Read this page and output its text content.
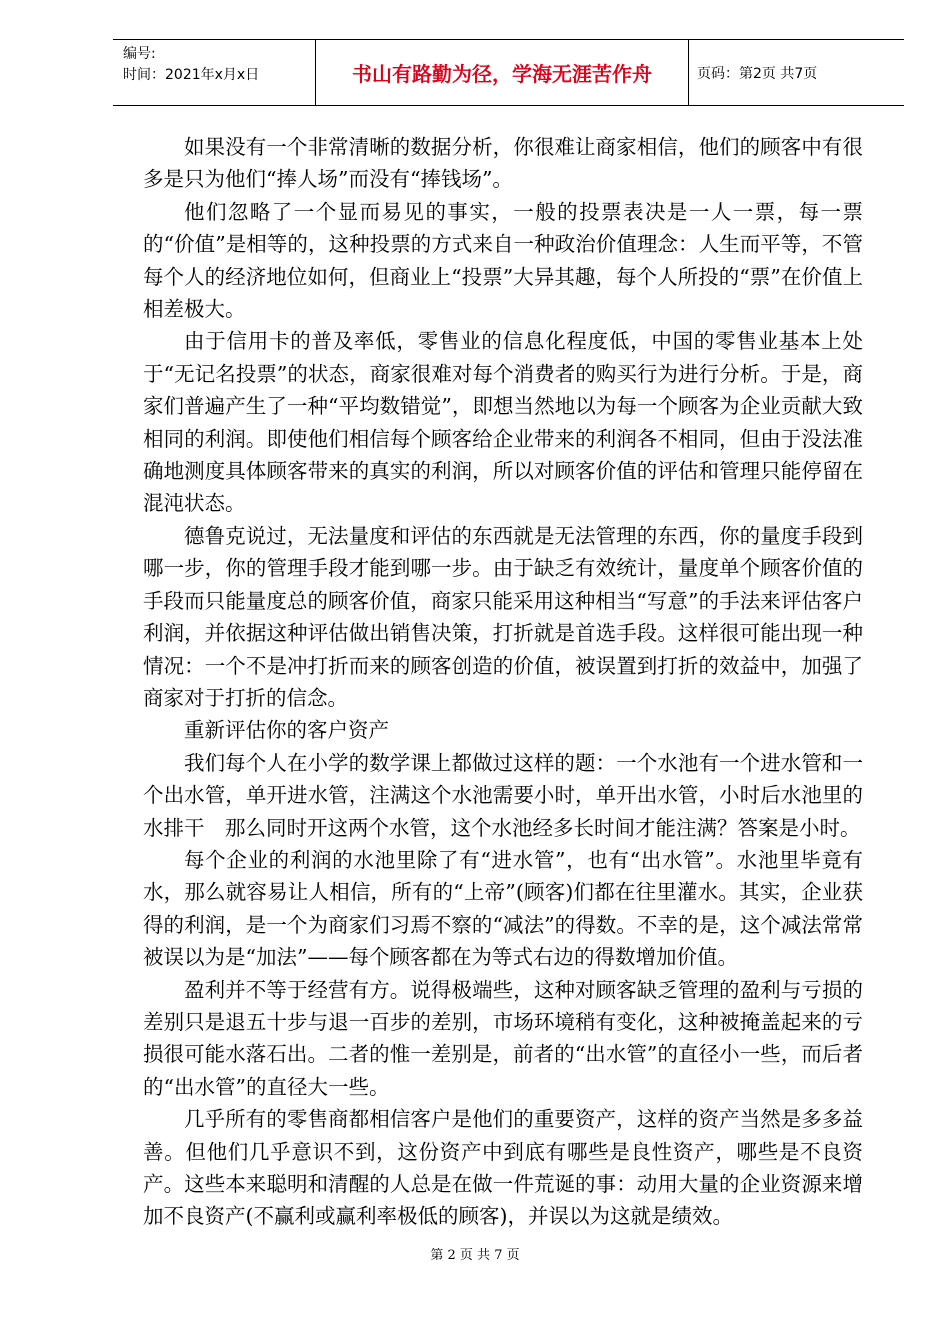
编号:
时间：2021年x月x日	书山有路勤为径，学海无涯苦作舟	页码：第2页 共7页

如果没有一个非常清晰的数据分析，你很难让商家相信，他们的顾客中有很多是只为他们“捧人场”而没有“捧钱场”。

他们忽略了一个显而易见的事实，一般的投票表决是一人一票，每一票的“价值”是相等的，这种投票的方式来自一种政治价值理念：人生而平等，不管每个人的经济地位如何，但商业上“投票”大异其趣，每个人所投的“票”在价值上相差极大。

由于信用卡的普及率低，零售业的信息化程度低，中国的零售业基本上处于“无记名投票”的状态，商家很难对每个消费者的购买行为进行分析。于是，商家们普遍产生了一种“平均数错觉”，即想当然地以为每一个顾客为企业贡献大致相同的利润。即使他们相信每个顾客给企业带来的利润各不相同，但由于没法准确地测度具体顾客带来的真实的利润，所以对顾客价值的评估和管理只能停留在混沌状态。

德鲁克说过，无法量度和评估的东西就是无法管理的东西，你的量度手段到哪一步，你的管理手段才能到哪一步。由于缺乏有效统计，量度单个顾客价值的手段而只能量度总的顾客价值，商家只能采用这种相当“写意”的手法来评估客户利润，并依据这种评估做出销售决策，打折就是首选手段。这样很可能出现一种情况：一个不是冲打折而来的顾客创造的价值，被误置到打折的效益中，加强了商家对于打折的信念。

重新评估你的客户资产

我们每个人在小学的数学课上都做过这样的题：一个水池有一个进水管和一个出水管，单开进水管，注满这个水池需要小时，单开出水管，小时后水池里的水排干　那么同时开这两个水管，这个水池经多长时间才能注满？答案是小时。

每个企业的利润的水池里除了有“进水管”，也有“出水管”。水池里毕竟有水，那么就容易让人相信，所有的“上帝”(顾客)们都在往里灌水。其实，企业获得的利润，是一个为商家们习焉不察的“减法”的得数。不幸的是，这个减法常常被误以为是“加法”——每个顾客都在为等式右边的得数增加价值。

盈利并不等于经营有方。说得极端些，这种对顾客缺乏管理的盈利与亏损的差别只是退五十步与退一百步的差别，市场环境稍有变化，这种被掩盖起来的亏损很可能水落石出。二者的惟一差别是，前者的“出水管”的直径小一些，而后者的“出水管”的直径大一些。

几乎所有的零售商都相信客户是他们的重要资产，这样的资产当然是多多益善。但他们几乎意识不到，这份资产中到底有哪些是良性资产，哪些是不良资产。这些本来聪明和清醒的人总是在做一件荒诞的事：动用大量的企业资源来增加不良资产(不赢利或赢利率极低的顾客)，并误以为这就是绩效。

第 2 页 共 7 页
